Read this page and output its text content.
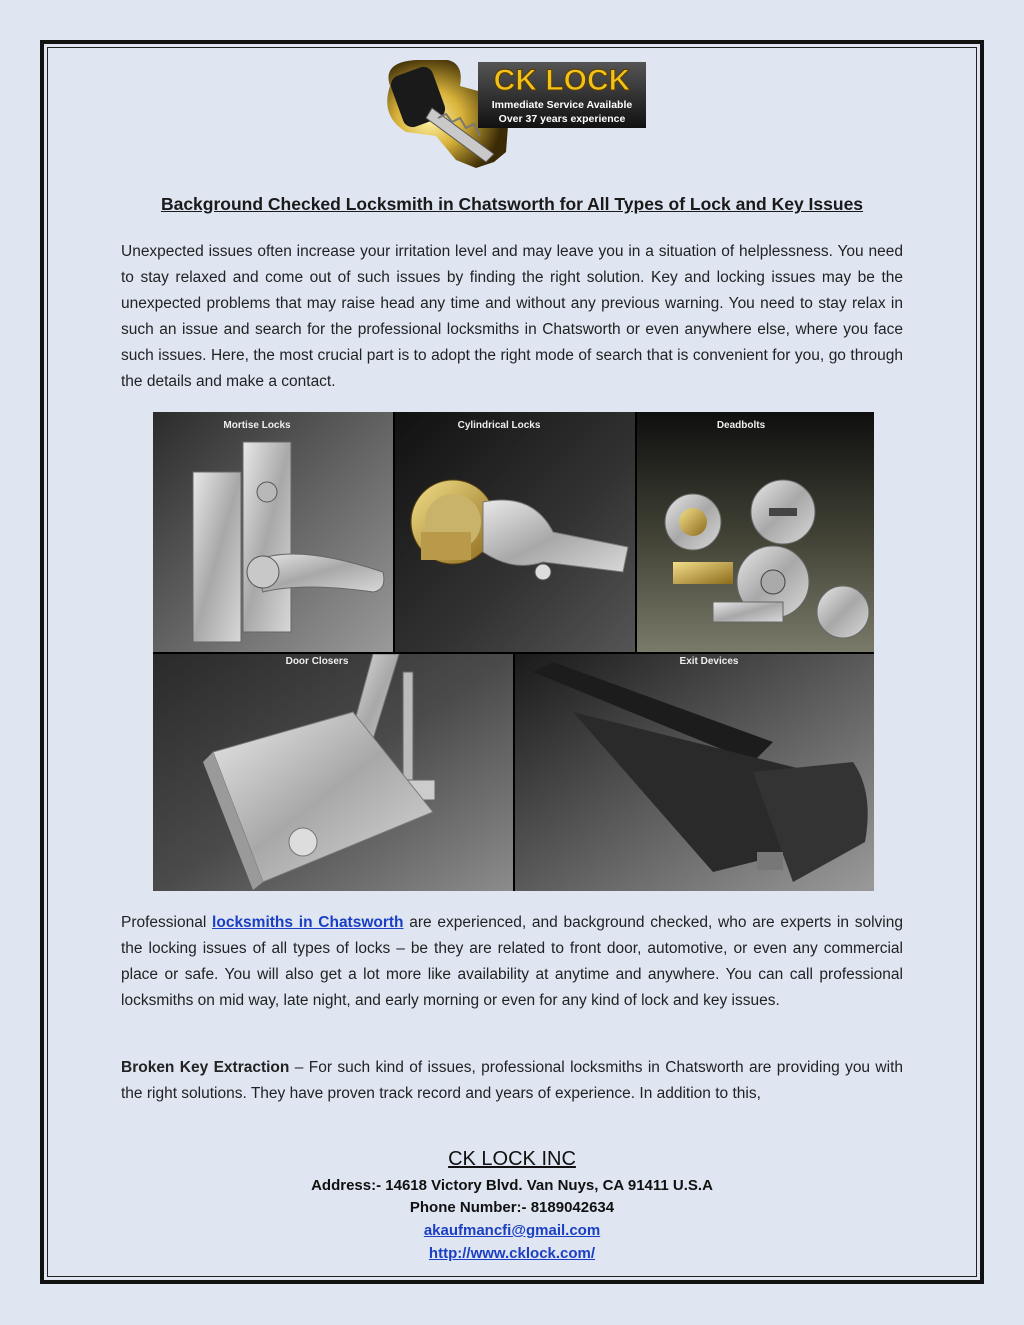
CK LOCK
Immediate Service Available
Over 37 years experience
Background Checked Locksmith in Chatsworth for All Types of Lock and Key Issues
Unexpected issues often increase your irritation level and may leave you in a situation of helplessness. You need to stay relaxed and come out of such issues by finding the right solution. Key and locking issues may be the unexpected problems that may raise head any time and without any previous warning. You need to stay relax in such an issue and search for the professional locksmiths in Chatsworth or even anywhere else, where you face such issues. Here, the most crucial part is to adopt the right mode of search that is convenient for you, go through the details and make a contact.
Mortise Locks	Cylindrical Locks	Deadbolts
Door Closers	Exit Devices
Professional locksmiths in Chatsworth are experienced, and background checked, who are experts in solving the locking issues of all types of locks – be they are related to front door, automotive, or even any commercial place or safe. You will also get a lot more like availability at anytime and anywhere. You can call professional locksmiths on mid way, late night, and early morning or even for any kind of lock and key issues.
Broken Key Extraction – For such kind of issues, professional locksmiths in Chatsworth are providing you with the right solutions. They have proven track record and years of experience. In addition to this,
CK LOCK INC
Address:- 14618 Victory Blvd. Van Nuys, CA 91411 U.S.A
Phone Number:- 8189042634
akaufmancfi@gmail.com
http://www.cklock.com/
